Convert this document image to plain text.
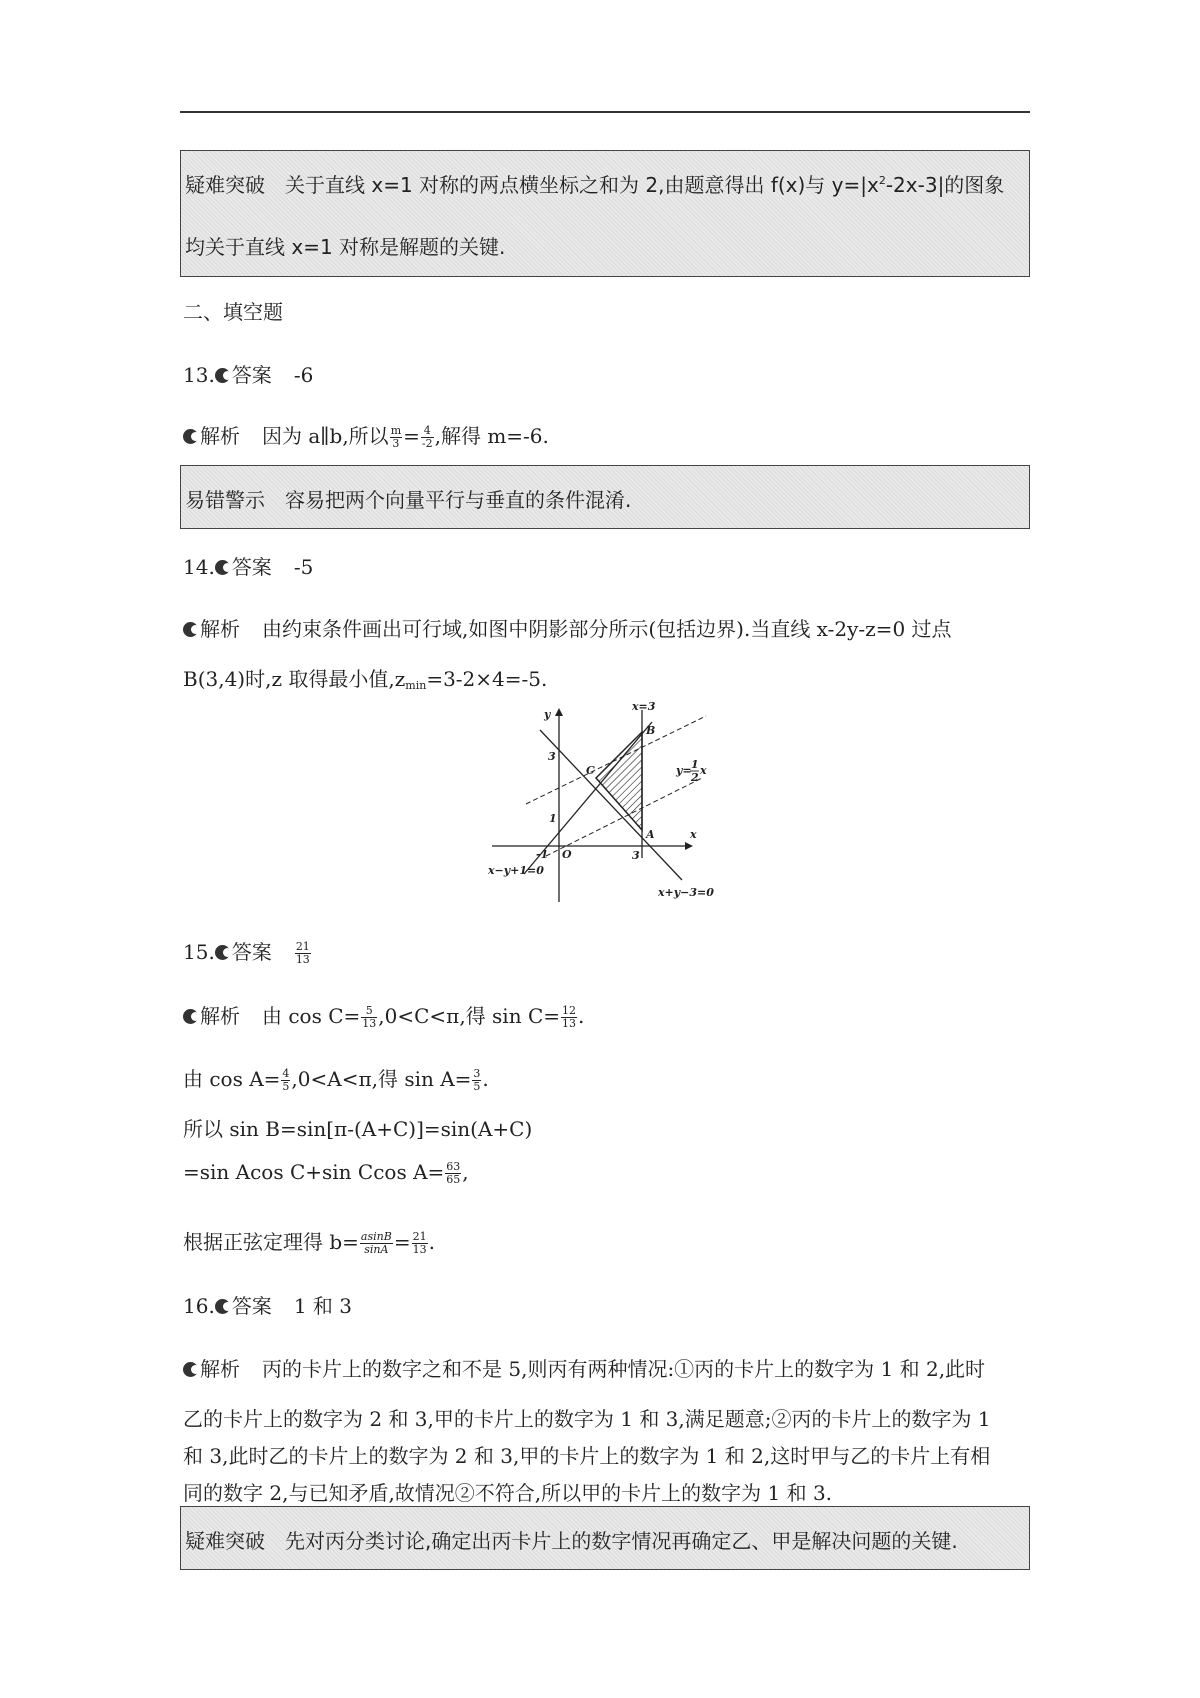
疑难突破 关于直线 x=1 对称的两点横坐标之和为 2,由题意得出 f(x)与 $y=|x^2-2x-3|$的图象
均关于直线 x=1 对称是解题的关键.
二、填空题
13. 答案 -6
解析 因为 a∥b,所以 $\frac{m}{3} = \frac{4}{-2}$ ,解得 m=-6.
易错警示 容易把两个向量平行与垂直的条件混淆.
14. 答案 -5
解析 由约束条件画出可行域,如图中阴影部分所示(包括边界).当直线 x-2y-z=0 过点
B(3,4)时,z 取得最小值$,z_{min}=3-2\times 4=-5$.
y
x
x=3
B
C
A
3
1
-1 O	3
y= 1
2
x
x−y+1=0
x+y−3=0
15. 答案 $\frac{21}{13}$
解析 由 $\cos C= \frac{5}{13} ,0<C<\pi$,得 $\sin C= \frac{12}{13}$ .
由 $\cos A= \frac{4}{5} ,0<A<\pi$,得 $\sin A= \frac{3}{5}$ .
所以 sin B=sin[π-(A+C)]=sin(A+C)
=sin Acos C+sin Ccos $A= \frac{63}{65}$ ,
根据正弦定理得 $b= \frac{asinB}{\sin A} = \frac{21}{13}$ .
16. 答案 1 和 3
解析 丙的卡片上的数字之和不是 5,则丙有两种情况:①丙的卡片上的数字为 1 和 2,此时
乙的卡片上的数字为 2 和 3,甲的卡片上的数字为 1 和 3,满足题意;②丙的卡片上的数字为 1
和 3,此时乙的卡片上的数字为 2 和 3,甲的卡片上的数字为 1 和 2,这时甲与乙的卡片上有相
同的数字 2,与已知矛盾,故情况②不符合,所以甲的卡片上的数字为 1 和 3.
疑难突破 先对丙分类讨论,确定出丙卡片上的数字情况再确定乙、甲是解决问题的关键.
